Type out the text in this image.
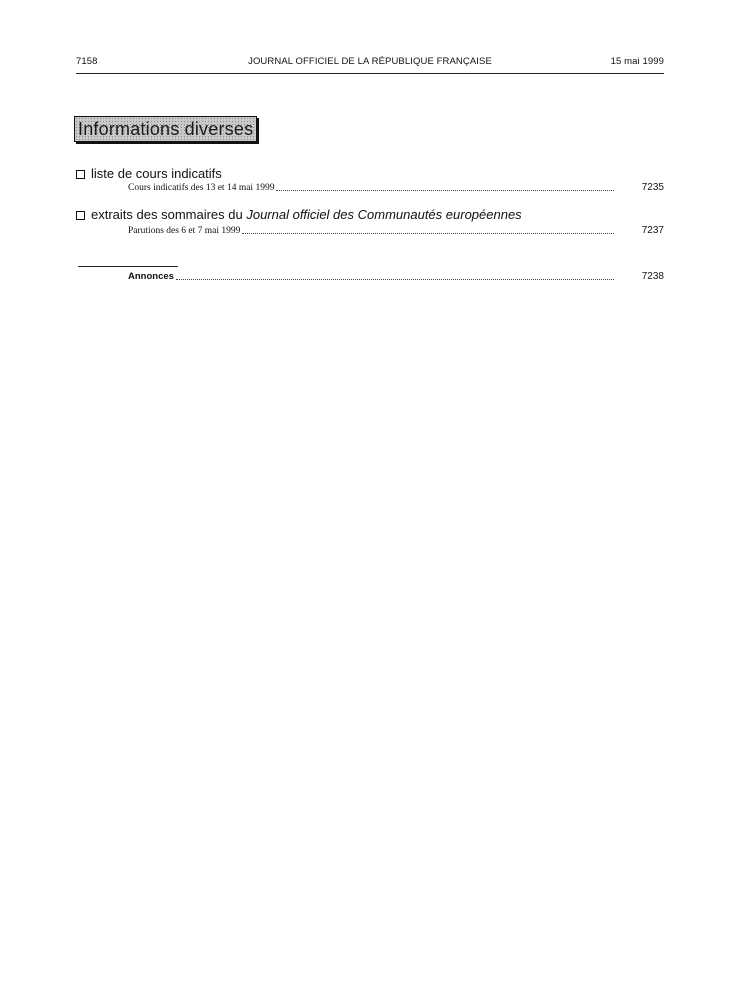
7158	JOURNAL OFFICIEL DE LA RÉPUBLIQUE FRANÇAISE	15 mai 1999
Informations diverses
liste de cours indicatifs
Cours indicatifs des 13 et 14 mai 1999	7235
extraits des sommaires du Journal officiel des Communautés européennes
Parutions des 6 et 7 mai 1999	7237
Annonces	7238
